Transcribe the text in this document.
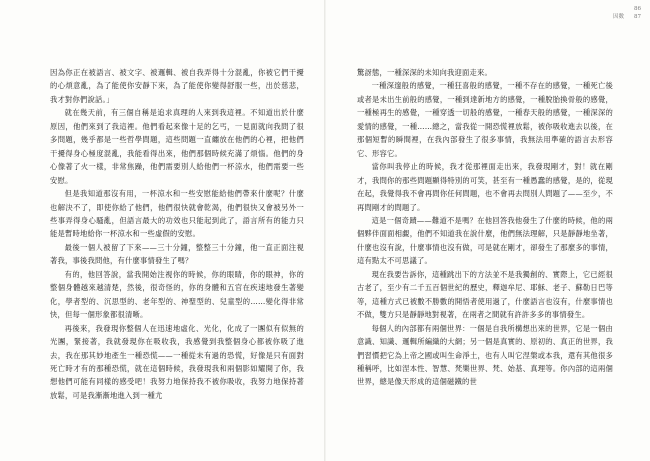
因為你正在被語言、被文字、被邏輯、被自我弄得十分混亂，你被它們干擾的心煩意亂，為了能使你安靜下來，為了能使你變得舒服一些，出於慈悲，我才對你們說話。」

就在幾天前，有三個自稱是追求真理的人來到我這裡。不知道出於什麼原因，他們來到了我這裡。他們看起來像十足的乞丐，一見面就向我問了很多問題，幾乎都是一些哲學問題，這些問題一直纏放在他們的心裡，把他們干擾得身心極度混亂，我能看得出來，他們那個時候充滿了煩惱。他們的身心像著了火一樣，非常焦躁，他們需要別人給他們一杯涼水，他們需要一些安慰。

但是我知道那沒有用，一杯涼水和一些安慰能給他們帶來什麼呢？什麼也解決不了，即使你給了他們，他們很快就會乾渴，他們很快又會被另外一些事弄得身心騷亂，但語言最大的功效也只能起到此了，語言所有的能力只能是暫時地給你一杯涼水和一些虛假的安慰。

最後一個人被留了下來——三十分鐘，整整三十分鐘，他一直正面注視著我，事後我問他，有什麼事情發生了嗎？

有的，他回答說，當我開始注視你的時候，你的眼睛，你的眼神，你的整個身體越來越清楚，然後，很奇怪的，你的身體和五官在疾速地發生著變化，學者型的、沉思型的、老年型的、神聖型的、兒童型的……變化得非常快，但每一個形象都很清晰。

再後來，我發現你整個人在迅速地虛化、光化，化成了一團似有似無的光團，緊接著，我就發現你在吸收我，我感覺到我整個身心都被你吸了進去，我在那其妙地產生一種恐慌——一種從未有過的恐慌，好像是只有面對死亡時才有的那種恐慌，就在這個時候，我發現我和兩個影如耀開了你，我想他們可能有同樣的感受吧！我努力地保持我不被你吸收，我努力地保持著放鬆，可是我漸漸地進入到一種尤

86
因數 87

驚訝態，一種深深的未知向我迎面走來。

一種深邃般的感覺，一種狂喜般的感覺，一種不存在的感覺，一種死亡後或者是未出生前般的感覺，一種到達新地方的感覺，一種脫胎換骨般的感覺，一種極再生的感覺，一種穿透一切般的感覺，一種春天般的感覺，一種深深的愛情的感覺，一種……總之，當我從一開恐慌裡放鬆，被你吸收進去以後，在那個短暫的瞬間裡，在我內部發生了很多事情，我無法用準確的語言去形容它、形容它。

當你叫我停止的時候，我才從那裡面走出來，我發現剛才，對！就在剛才，我問你的那些問題顯得特別的可笑，甚至有一種愚蠢的感覺，是的，從現在起，我覺得我不會再問你任何問題，也不會再去問別人問題了——至少，不再問剛才的問題了。

這是一個奇蹟——難道不是嗎？在他回答我他發生了什麼的時候，他的兩個夥伴面面相覷，他們不知道我在說什麼，他們無法理解，只是靜靜地坐著，什麼也沒有說，什麼事情也沒有做，可是就在剛才，卻發生了那麼多的事情，這有點太不可思議了。

現在我要告訴你，這種跳出下的方法並不是我獨創的、實際上，它已經很古老了，至少有二千五百個世紀的歷史，釋迦牟尼、耶穌、老子、蘇勒日巴等等，這種方式已被數不勝數的開悟者使用過了，什麼語言也沒有，什麼事情也不做，雙方只是靜靜地對視著，在兩者之間就有許許多多的事情發生。

每個人的內部都有兩個世界：一個是自我所構想出來的世界，它是一個由意識、知識、邏輯所編織的大網；另一個是真實的、原初的、真正的世界，我們習慣把它為上帝之國或叫生命淨土，也有人叫它涅槃或本我，還有其他很多種稱呼，比如涅本性、智慧、梵樂世界、梵、始基、真理等。你內部的這兩個世界，總是像天形成的這個磁鐵的世
